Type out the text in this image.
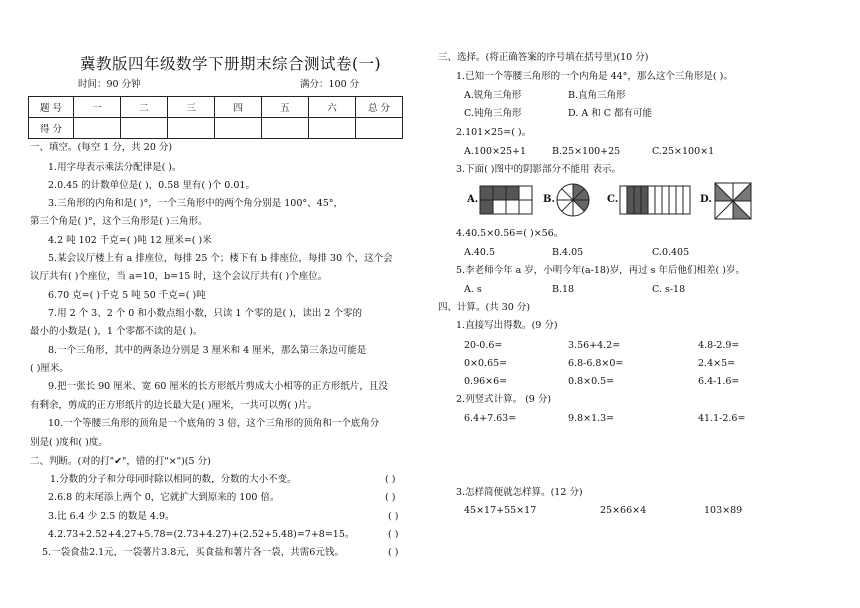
冀教版四年级数学下册期末综合测试卷(一)
时间：90 分钟	满分：100 分
题 号	一	二	三	四	五	六	总 分
得 分							
一、填空。(每空 1 分，共 20 分)
1.用字母表示乘法分配律是( )。
2.0.45 的计数单位是( )，0.58 里有( )个 0.01。
3.三角形的内角和是( )°，一个三角形中的两个角分别是 100°、45°，
第三个角是( )°，这个三角形是( )三角形。
4.2 吨 102 千克=( )吨 12 厘米=( )米
5.某会议厅楼上有 a 排座位，每排 25 个；楼下有 b 排座位，每排 30 个，这个会
议厅共有( )个座位，当 a=10，b=15 时，这个会议厅共有( )个座位。
6.70 克=( )千克 5 吨 50 千克=( )吨
7.用 2 个 3、2 个 0 和小数点组小数，只读 1 个零的是( )，读出 2 个零的
最小的小数是( )，1 个零都不读的是( )。
8.一个三角形，其中的两条边分别是 3 厘米和 4 厘米，那么第三条边可能是
( )厘米。
9.把一张长 90 厘米、宽 60 厘米的长方形纸片剪成大小相等的正方形纸片，且没
有剩余，剪成的正方形纸片的边长最大是( )厘米，一共可以剪( )片。
10.一个等腰三角形的顶角是一个底角的 3 倍，这个三角形的顶角和一个底角分
别是( )度和( )度。
二、判断。(对的打"✔"，错的打"×")(5 分)
1.分数的分子和分母同时除以相同的数，分数的大小不变。	( )
2.6.8 的末尾添上两个 0，它就扩大到原来的 100 倍。	( )
3.比 6.4 少 2.5 的数是 4.9。	( )
4.2.73+2.52+4.27+5.78=(2.73+4.27)+(2.52+5.48)=7+8=15。	( )
5.一袋食盐2.1元，一袋薯片3.8元，买食盐和薯片各一袋，共需6元钱。	( )
三、选择。(将正确答案的序号填在括号里)(10 分)
1.已知一个等腰三角形的一个内角是 44°，那么这个三角形是( )。
A.锐角三角形	B.直角三角形
C.钝角三角形	D. A 和 C 都有可能
2.101×25=( )。
A.100×25+1	B.25×100+25	C.25×100×1
3.下面( )图中的阴影部分不能用 表示。
A.	B.	C.	D.
4.40.5×0.56=( )×56。
A.40.5	B.4.05	C.0.405
5.李老师今年 a 岁，小明今年(a-18)岁，再过 s 年后他们相差( )岁。
A. s	B.18	C. s-18
四、计算。(共 30 分)
1.直接写出得数。(9 分)
20-0.6=	3.56+4.2=	4.8-2.9=
0×0.65=	6.8-6.8×0=	2.4×5=
0.96×6=	0.8×0.5=	6.4-1.6=
2.列竖式计算。 (9 分)
6.4+7.63=	9.8×1.3=	41.1-2.6=
3.怎样简便就怎样算。(12 分)
45×17+55×17	25×66×4	103×89
